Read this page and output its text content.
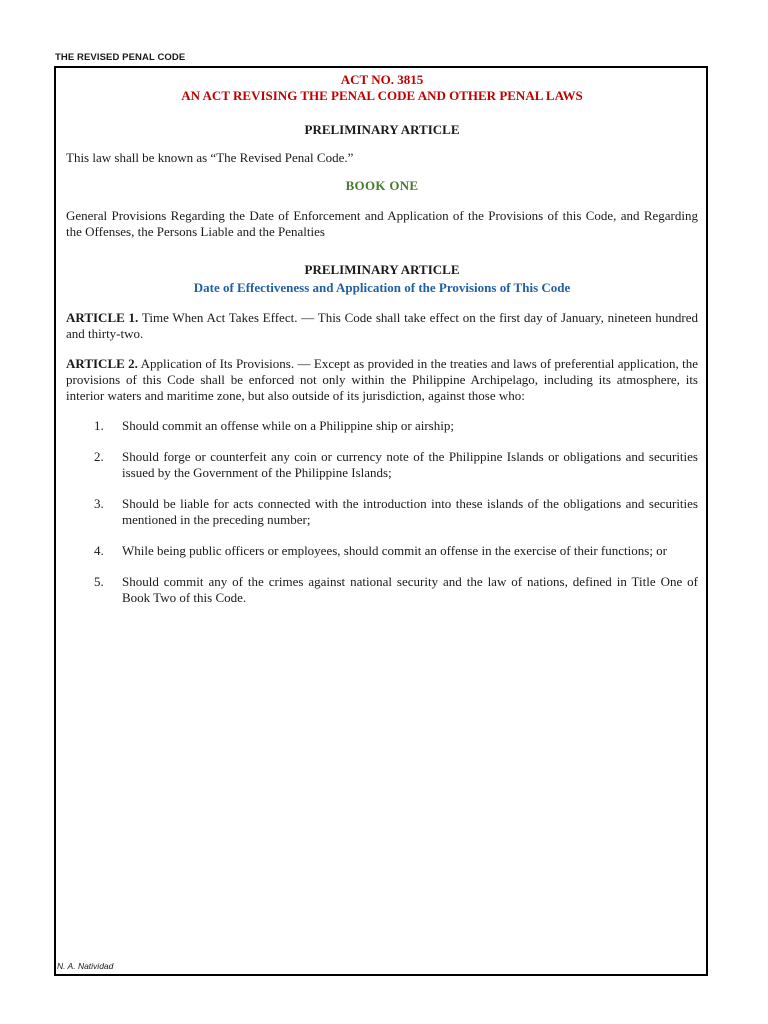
THE REVISED PENAL CODE
ACT NO. 3815
AN ACT REVISING THE PENAL CODE AND OTHER PENAL LAWS
PRELIMINARY ARTICLE
This law shall be known as “The Revised Penal Code.”
BOOK ONE
General Provisions Regarding the Date of Enforcement and Application of the Provisions of this Code, and Regarding the Offenses, the Persons Liable and the Penalties
PRELIMINARY ARTICLE
Date of Effectiveness and Application of the Provisions of This Code
ARTICLE 1. Time When Act Takes Effect. — This Code shall take effect on the first day of January, nineteen hundred and thirty-two.
ARTICLE 2. Application of Its Provisions. — Except as provided in the treaties and laws of preferential application, the provisions of this Code shall be enforced not only within the Philippine Archipelago, including its atmosphere, its interior waters and maritime zone, but also outside of its jurisdiction, against those who:
1. Should commit an offense while on a Philippine ship or airship;
2. Should forge or counterfeit any coin or currency note of the Philippine Islands or obligations and securities issued by the Government of the Philippine Islands;
3. Should be liable for acts connected with the introduction into these islands of the obligations and securities mentioned in the preceding number;
4. While being public officers or employees, should commit an offense in the exercise of their functions; or
5. Should commit any of the crimes against national security and the law of nations, defined in Title One of Book Two of this Code.
N. A. Natividad
